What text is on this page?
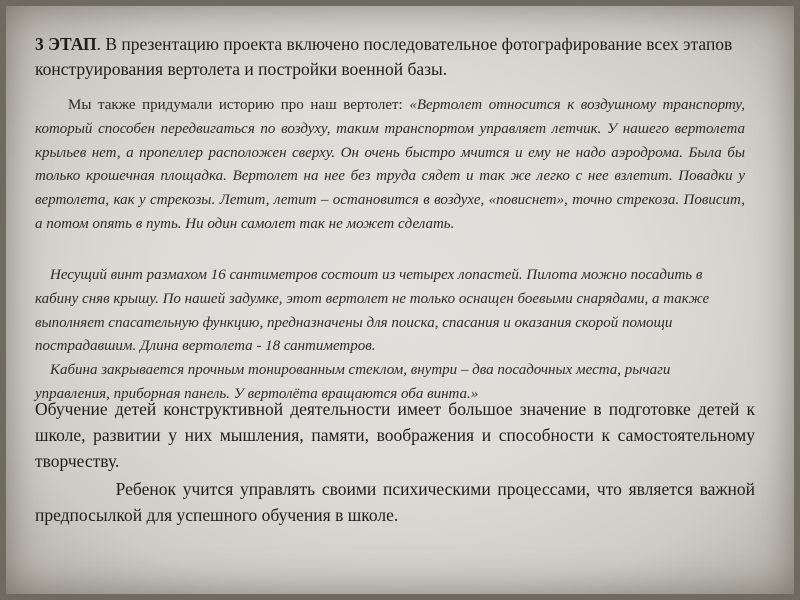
3 ЭТАП. В презентацию проекта включено последовательное фотографирование всех этапов конструирования вертолета и постройки военной базы.

Мы также придумали историю про наш вертолет: «Вертолет относится к воздушному транспорту, который способен передвигаться по воздуху, таким транспортом управляет летчик. У нашего вертолета крыльев нет, а пропеллер расположен сверху. Он очень быстро мчится и ему не надо аэродрома. Была бы только крошечная площадка. Вертолет на нее без труда сядет и так же легко с нее взлетит. Повадки у вертолета, как у стрекозы. Летит, летит – остановится в воздухе, «повиснет», точно стрекоза. Повисит, а потом опять в путь. Ни один самолет так не может сделать.

Несущий винт размахом 16 сантиметров состоит из четырех лопастей. Пилота можно посадить в кабину сняв крышу. По нашей задумке, этот вертолет не только оснащен боевыми снарядами, а также выполняет спасательную функцию, предназначены для поиска, спасания и оказания скорой помощи пострадавшим. Длина вертолета - 18 сантиметров.
Кабина закрывается прочным тонированным стеклом, внутри – два посадочных места, рычаги управления, приборная панель. У вертолёта вращаются оба винта.»

Обучение детей конструктивной деятельности имеет большое значение в подготовке детей к школе, развитии у них мышления, памяти, воображения и способности к самостоятельному творчеству.

Ребенок учится управлять своими психическими процессами, что является важной предпосылкой для успешного обучения в школе.
